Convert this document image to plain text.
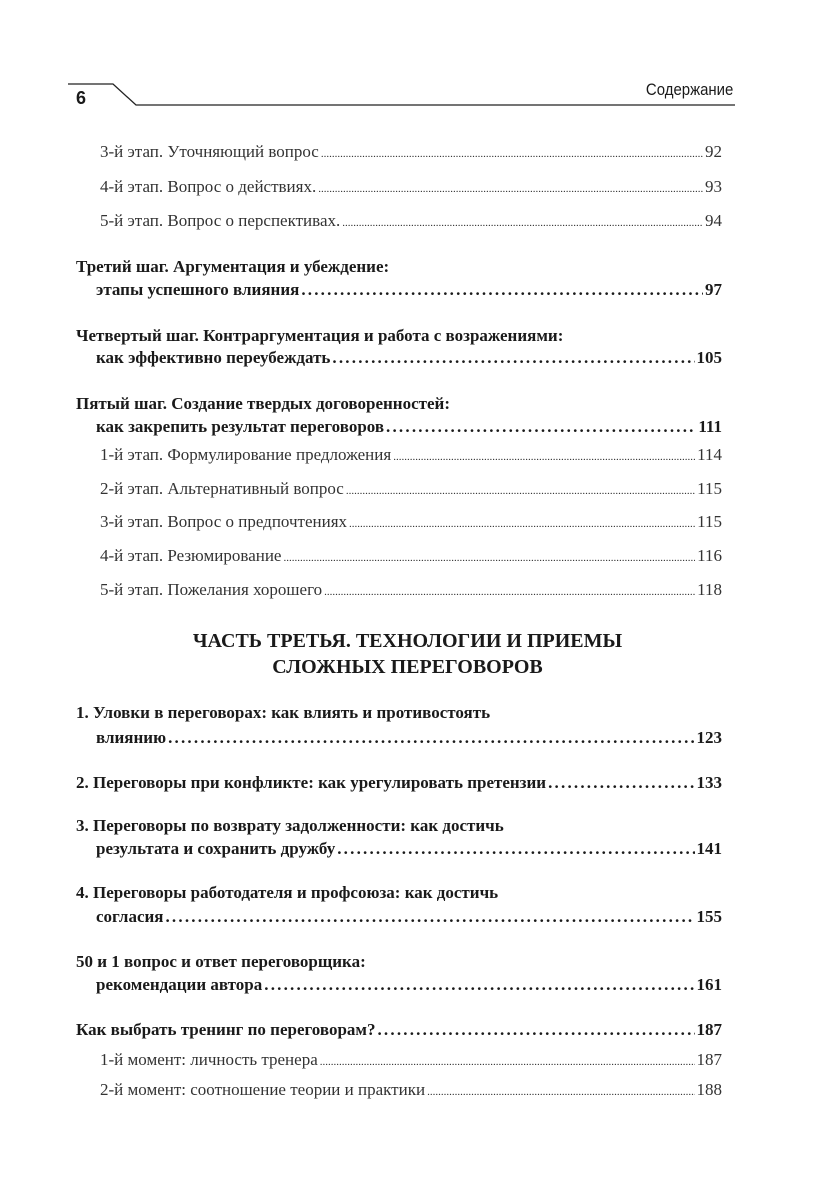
6	Содержание
3-й этап. Уточняющий вопрос .....	92
4-й этап. Вопрос о действиях. .....	93
5-й этап. Вопрос о перспективах. .....	94
Третий шаг. Аргументация и убеждение:
этапы успешного влияния .....	97
Четвертый шаг. Контраргументация и работа с возражениями:
как эффективно переубеждать .....	105
Пятый шаг. Создание твердых договоренностей:
как закрепить результат переговоров .....	111
1-й этап. Формулирование предложения .....	114
2-й этап. Альтернативный вопрос .....	115
3-й этап. Вопрос о предпочтениях .....	115
4-й этап. Резюмирование .....	116
5-й этап. Пожелания хорошего .....	118
1. Уловки в переговорах: как влиять и противостоять
влиянию .....	123
2. Переговоры при конфликте: как урегулировать претензии .....	133
3. Переговоры по возврату задолженности: как достичь
результата и сохранить дружбу .....	141
4. Переговоры работодателя и профсоюза: как достичь
согласия .....	155
50 и 1 вопрос и ответ переговорщика:
рекомендации автора .....	161
Как выбрать тренинг по переговорам? .....	187
1-й момент: личность тренера .....	187
2-й момент: соотношение теории и практики .....	188
ЧАСТЬ ТРЕТЬЯ. ТЕХНОЛОГИИ И ПРИЕМЫ
СЛОЖНЫХ ПЕРЕГОВОРОВ
